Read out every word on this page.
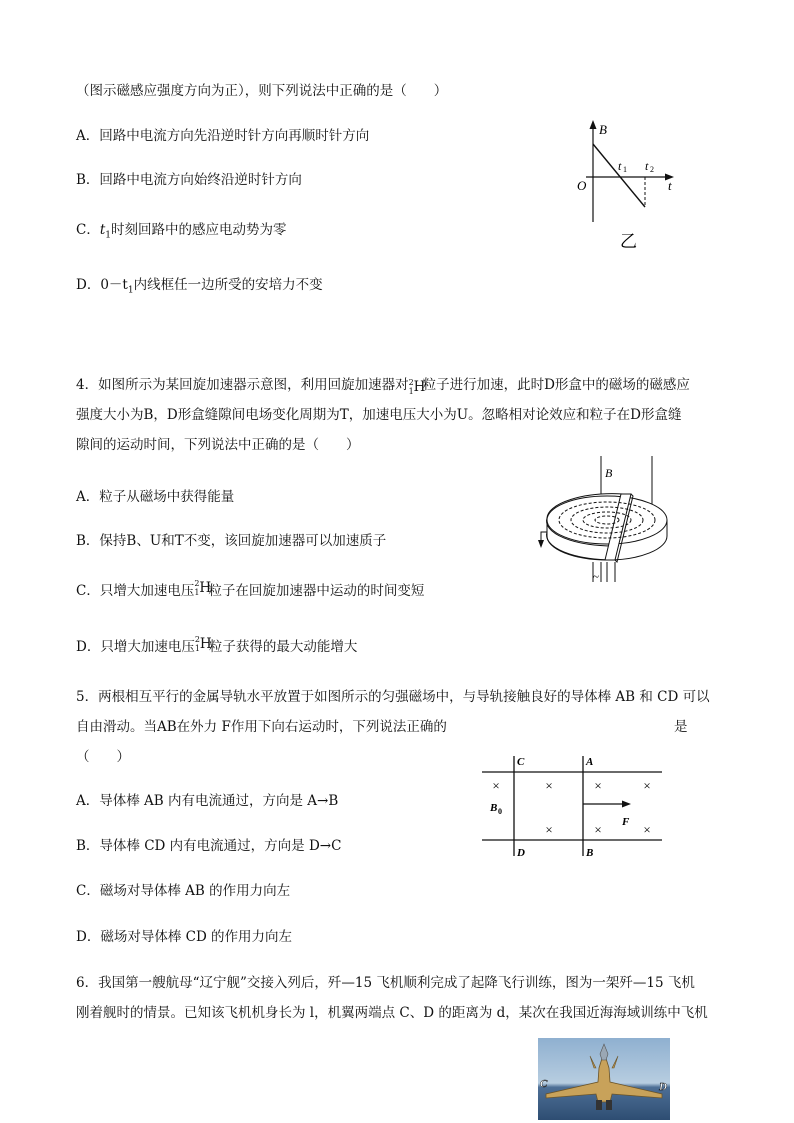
（图示磁感应强度方向为正），则下列说法中正确的是（　　）
A．回路中电流方向先沿逆时针方向再顺时针方向
B．回路中电流方向始终沿逆时针方向
C．$t_1$时刻回路中的感应电动势为零
D．$0-t_1$内线框任一边所受的安培力不变
B
t
O
t 1 t 2
乙
4．如图所示为某回旋加速器示意图，利用回旋加速器对 2
1 H
粒子进行加速，此时D形盒中的磁场的磁感应
强度大小为B，D形盒缝隙间电场变化周期为T，加速电压大小为U。忽略相对论效应和粒子在D形盒缝
隙间的运动时间，下列说法中正确的是（　　）
A．粒子从磁场中获得能量
B．保持B、U和T不变，该回旋加速器可以加速质子
C．只增大加速电压 2
1 H
粒子在回旋加速器中运动的时间变短
D．只增大加速电压 2
1 H
粒子获得的最大动能增大
B
~
5．两根相互平行的金属导轨水平放置于如图所示的匀强磁场中，与导轨接触良好的导体棒 AB 和 CD 可以
自由滑动。当AB在外力 F作用下向右运动时，下列说法正确的	是
（　　）
A．导体棒 AB 内有电流通过，方向是 A→B
B．导体棒 CD 内有电流通过，方向是 D→C
C．磁场对导体棒 AB 的作用力向左
D．磁场对导体棒 CD 的作用力向左
C	A
D	B
F
B 0
×	×	×	×
×	×	×
6．我国第一艘航母“辽宁舰”交接入列后，歼—15 飞机顺利完成了起降飞行训练，图为一架歼—15 飞机
刚着舰时的情景。已知该飞机机身长为 l，机翼两端点 C、D 的距离为 d，某次在我国近海海域训练中飞机
C	D
